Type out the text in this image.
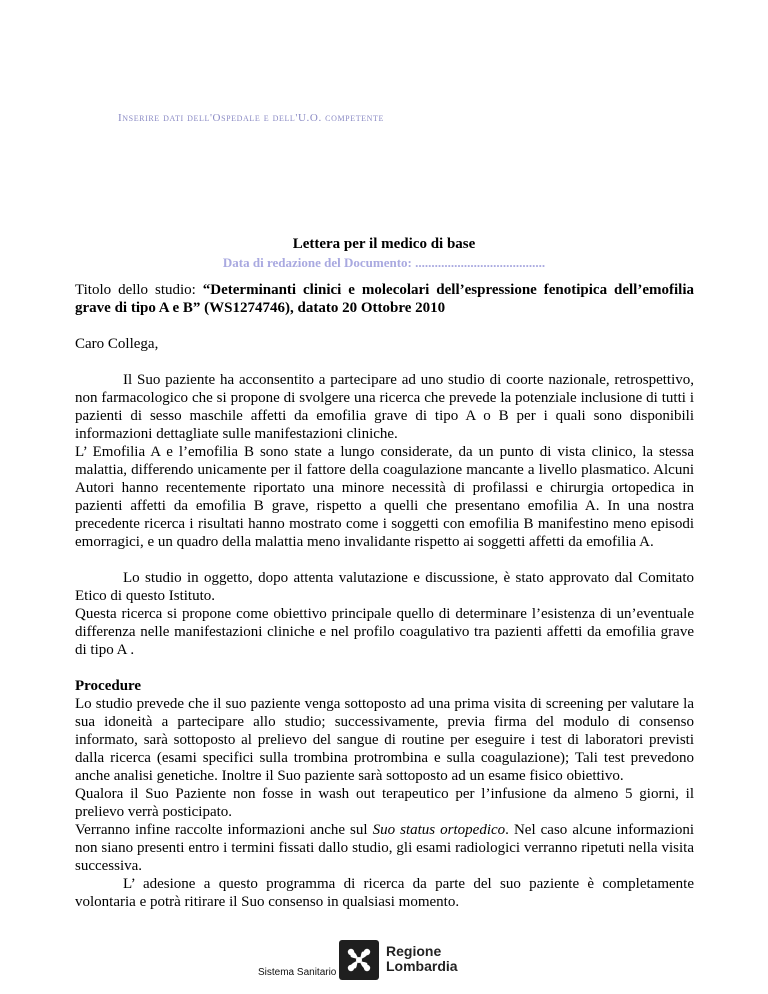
Inserire dati dell'Ospedale e dell'U.O. competente
Lettera per il medico di base
Data di redazione del Documento: ........................................

Titolo dello studio: “Determinanti clinici e molecolari dell’espressione fenotipica dell’emofilia grave di tipo A e B” (WS1274746), datato 20 Ottobre 2010

Caro Collega,

Il Suo paziente ha acconsentito a partecipare ad uno studio di coorte nazionale, retrospettivo, non farmacologico che si propone di svolgere una ricerca che prevede la potenziale inclusione di tutti i pazienti di sesso maschile affetti da emofilia grave di tipo A o B per i quali sono disponibili informazioni dettagliate sulle manifestazioni cliniche.

L’ Emofilia A e l’emofilia B sono state a lungo considerate, da un punto di vista clinico, la stessa malattia, differendo unicamente per il fattore della coagulazione mancante a livello plasmatico. Alcuni Autori hanno recentemente riportato una minore necessità di profilassi e chirurgia ortopedica in pazienti affetti da emofilia B grave, rispetto a quelli che presentano emofilia A. In una nostra precedente ricerca i risultati hanno mostrato come i soggetti con emofilia B manifestino meno episodi emorragici, e un quadro della malattia meno invalidante rispetto ai soggetti affetti da emofilia A.

Lo studio in oggetto, dopo attenta valutazione e discussione, è stato approvato dal Comitato Etico di questo Istituto.

Questa ricerca si propone come obiettivo principale quello di determinare l’esistenza di un’eventuale differenza nelle manifestazioni cliniche e nel profilo coagulativo tra pazienti affetti da emofilia grave di tipo A .

Procedure

Lo studio prevede che il suo paziente venga sottoposto ad una prima visita di screening per valutare la sua idoneità a partecipare allo studio; successivamente, previa firma del modulo di consenso informato, sarà sottoposto al prelievo del sangue di routine per eseguire i test di laboratori previsti dalla ricerca (esami specifici sulla trombina protrombina e sulla coagulazione); Tali test prevedono anche analisi genetiche. Inoltre il Suo paziente sarà sottoposto ad un esame fisico obiettivo.

Qualora il Suo Paziente non fosse in wash out terapeutico per l’infusione da almeno 5 giorni, il prelievo verrà posticipato.

Verranno infine raccolte informazioni anche sul Suo status ortopedico. Nel caso alcune informazioni non siano presenti entro i termini fissati dallo studio, gli esami radiologici verranno ripetuti nella visita successiva.

L’ adesione a questo programma di ricerca da parte del suo paziente è completamente volontaria e potrà ritirare il Suo consenso in qualsiasi momento.

Sistema Sanitario
Regione
Lombardia
